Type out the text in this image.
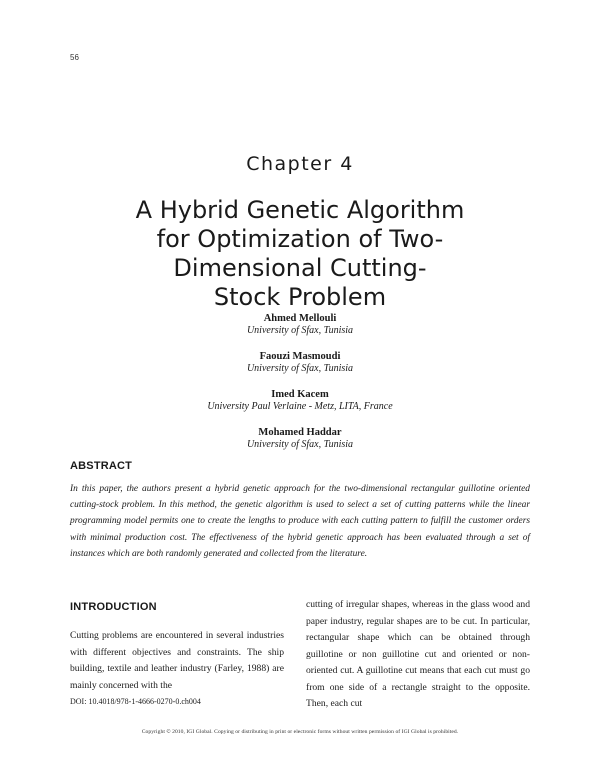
56
Chapter 4
A Hybrid Genetic Algorithm
for Optimization of Two-
Dimensional Cutting-
Stock Problem
Ahmed Mellouli
University of Sfax, Tunisia
Faouzi Masmoudi
University of Sfax, Tunisia
Imed Kacem
University Paul Verlaine - Metz, LITA, France
Mohamed Haddar
University of Sfax, Tunisia
ABSTRACT

In this paper, the authors present a hybrid genetic approach for the two-dimensional rectangular guillotine oriented cutting-stock problem. In this method, the genetic algorithm is used to select a set of cutting patterns while the linear programming model permits one to create the lengths to produce with each cutting pattern to fulfill the customer orders with minimal production cost. The effectiveness of the hybrid genetic approach has been evaluated through a set of instances which are both randomly generated and collected from the literature.

INTRODUCTION

Cutting problems are encountered in several industries with different objectives and constraints. The ship building, textile and leather industry (Farley, 1988) are mainly concerned with the

cutting of irregular shapes, whereas in the glass wood and paper industry, regular shapes are to be cut. In particular, rectangular shape which can be obtained through guillotine or non guillotine cut and oriented or non-oriented cut. A guillotine cut means that each cut must go from one side of a rectangle straight to the opposite. Then, each cut

DOI: 10.4018/978-1-4666-0270-0.ch004
Copyright © 2010, IGI Global. Copying or distributing in print or electronic forms without written permission of IGI Global is prohibited.
